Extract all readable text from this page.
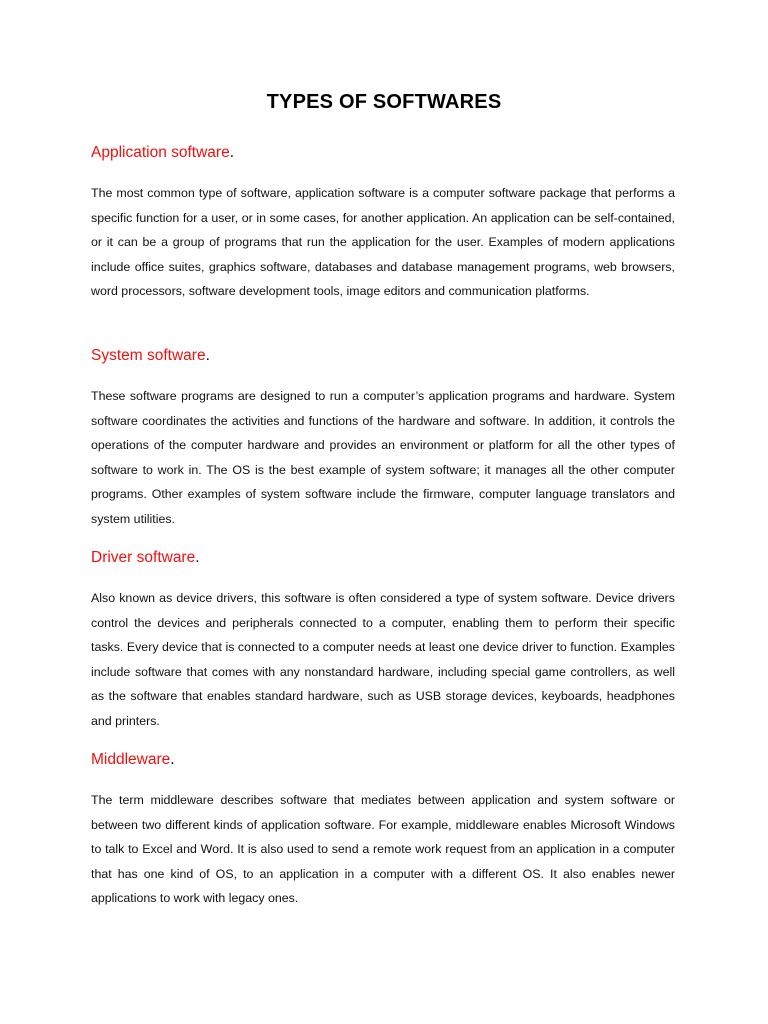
TYPES OF SOFTWARES
Application software.

The most common type of software, application software is a computer software package that performs a specific function for a user, or in some cases, for another application. An application can be self-contained, or it can be a group of programs that run the application for the user. Examples of modern applications include office suites, graphics software, databases and database management programs, web browsers, word processors, software development tools, image editors and communication platforms.

System software.

These software programs are designed to run a computer’s application programs and hardware. System software coordinates the activities and functions of the hardware and software. In addition, it controls the operations of the computer hardware and provides an environment or platform for all the other types of software to work in. The OS is the best example of system software; it manages all the other computer programs. Other examples of system software include the firmware, computer language translators and system utilities.

Driver software.

Also known as device drivers, this software is often considered a type of system software. Device drivers control the devices and peripherals connected to a computer, enabling them to perform their specific tasks. Every device that is connected to a computer needs at least one device driver to function. Examples include software that comes with any nonstandard hardware, including special game controllers, as well as the software that enables standard hardware, such as USB storage devices, keyboards, headphones and printers.

Middleware.

The term middleware describes software that mediates between application and system software or between two different kinds of application software. For example, middleware enables Microsoft Windows to talk to Excel and Word. It is also used to send a remote work request from an application in a computer that has one kind of OS, to an application in a computer with a different OS. It also enables newer applications to work with legacy ones.
